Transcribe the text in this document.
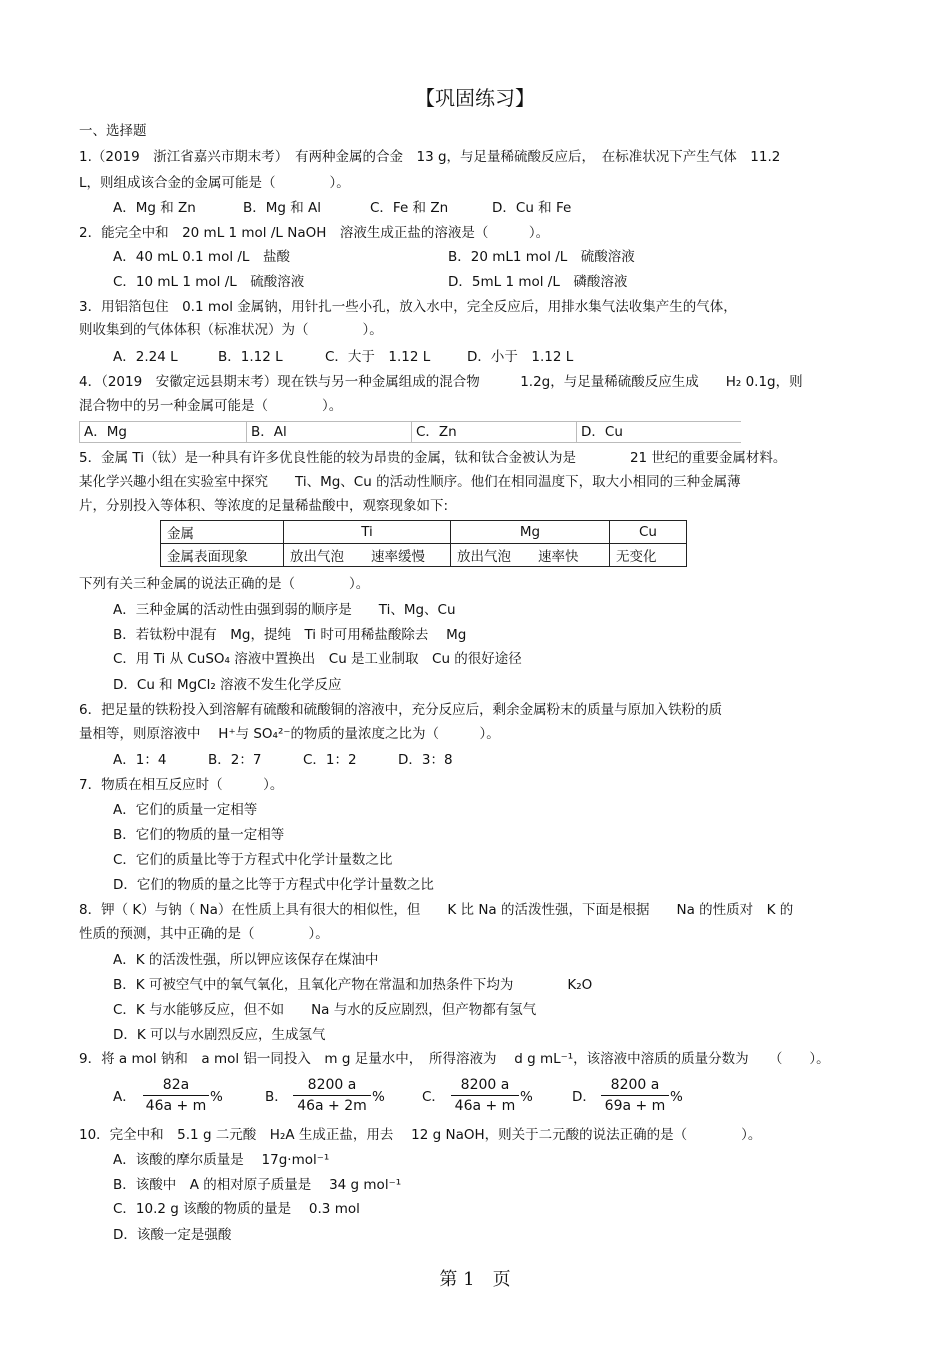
【巩固练习】
一、选择题
1.（2019　浙江省嘉兴市期末考）　有两种金属的合金　13 g，与足量稀硫酸反应后，　在标准状况下产生气体　11.2
L，则组成该合金的金属可能是（　　　　）。
A．Mg 和 Zn	B．Mg 和 Al	C．Fe 和 Zn	D．Cu 和 Fe
2．能完全中和　20 mL 1 mol /L NaOH　溶液生成正盐的溶液是（　　　）。
A．40 mL 0.1 mol /L　盐酸	B．20 mL1 mol /L　硫酸溶液
C．10 mL 1 mol /L　硫酸溶液	D．5mL 1 mol /L　磷酸溶液
3．用铝箔包住　0.1 mol 金属钠，用针扎一些小孔，放入水中，完全反应后，用排水集气法收集产生的气体，
则收集到的气体体积（标准状况）为（　　　　）。
A．2.24 L	B．1.12 L	C．大于　1.12 L	D．小于　1.12 L
4．（2019　安徽定远县期末考）现在铁与另一种金属组成的混合物　　　1.2g，与足量稀硫酸反应生成　　H₂ 0.1g，则
混合物中的另一种金属可能是（　　　　）。
A．Mg	B．Al	C．Zn	D．Cu
5．金属 Ti（钛）是一种具有许多优良性能的较为昂贵的金属，钛和钛合金被认为是　　　　21 世纪的重要金属材料。
某化学兴趣小组在实验室中探究　　Ti、Mg、Cu 的活动性顺序。他们在相同温度下，取大小相同的三种金属薄
片，分别投入等体积、等浓度的足量稀盐酸中，观察现象如下:
金属	Ti	Mg	Cu
金属表面现象	放出气泡　　速率缓慢	放出气泡　　速率快	无变化
下列有关三种金属的说法正确的是（　　　　）。
A．三种金属的活动性由强到弱的顺序是　　Ti、Mg、Cu
B．若钛粉中混有　Mg，提纯　Ti 时可用稀盐酸除去　 Mg
C．用 Ti 从 CuSO₄ 溶液中置换出　Cu 是工业制取　Cu 的很好途径
D．Cu 和 MgCl₂ 溶液不发生化学反应
6．把足量的铁粉投入到溶解有硫酸和硫酸铜的溶液中，充分反应后，剩余金属粉末的质量与原加入铁粉的质
量相等，则原溶液中　 H⁺与 SO₄²⁻的物质的量浓度之比为（　　　）。
A．1：4	B．2：7	C．1：2	D．3：8
7．物质在相互反应时（　　　）。
A．它们的质量一定相等
B．它们的物质的量一定相等
C．它们的质量比等于方程式中化学计量数之比
D．它们的物质的量之比等于方程式中化学计量数之比
8．钾（ K）与钠（ Na）在性质上具有很大的相似性，但　　K 比 Na 的活泼性强，下面是根据　　Na 的性质对　K 的
性质的预测，其中正确的是（　　　　）。
A．K 的活泼性强，所以钾应该保存在煤油中
B．K 可被空气中的氧气氧化，且氧化产物在常温和加热条件下均为　　　　K₂O
C．K 与水能够反应，但不如　　Na 与水的反应剧烈，但产物都有氢气
D．K 可以与水剧烈反应，生成氢气
9．将 a mol 钠和　a mol 铝一同投入　m g 足量水中，　所得溶液为　 d g mL⁻¹，该溶液中溶质的质量分数为　　（　　）。
A．
82a
46a + m
%	B．
8200 a
46a + 2m
%	C．
8200 a
46a + m
%	D．
8200 a
69a + m
%
10．完全中和　5.1 g 二元酸　H₂A 生成正盐，用去　 12 g NaOH，则关于二元酸的说法正确的是（　　　　）。
A．该酸的摩尔质量是　 17g·mol⁻¹
B．该酸中　A 的相对原子质量是　 34 g mol⁻¹
C．10.2 g 该酸的物质的量是　 0.3 mol
D．该酸一定是强酸
第 1　页
